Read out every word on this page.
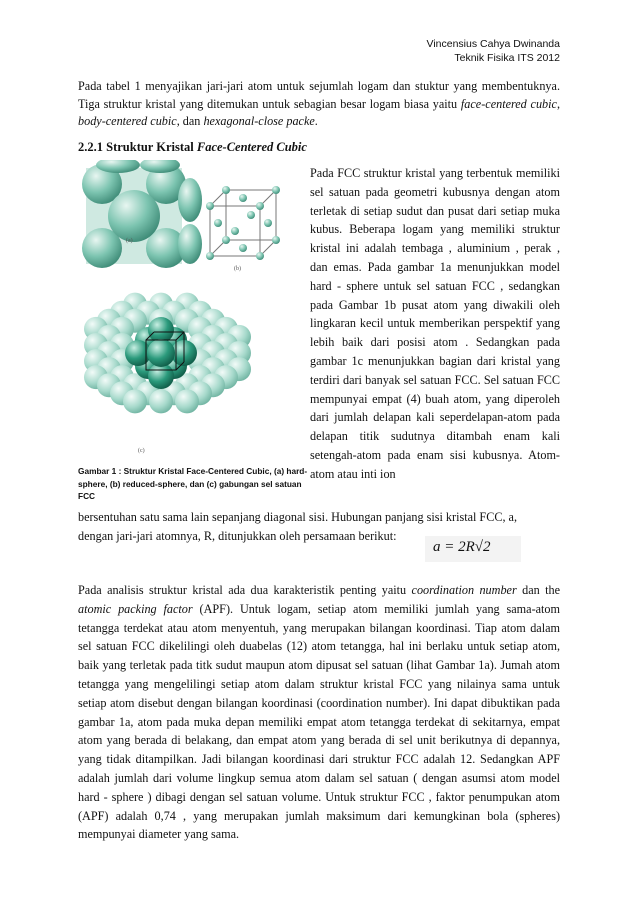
Vincensius Cahya Dwinanda
Teknik Fisika ITS 2012

Pada tabel 1 menyajikan jari-jari atom untuk sejumlah logam dan stuktur yang membentuknya. Tiga struktur kristal yang ditemukan untuk sebagian besar logam biasa yaitu face-centered cubic, body-centered cubic, dan hexagonal-close packe.

2.2.1 Struktur Kristal Face-Centered Cubic

(a)
(b)
(c)

Gambar 1 : Struktur Kristal Face-Centered Cubic, (a) hard-sphere, (b) reduced-sphere, dan (c) gabungan sel satuan FCC

Pada FCC struktur kristal yang terbentuk memiliki sel satuan pada geometri kubusnya dengan atom terletak di setiap sudut dan pusat dari setiap muka kubus. Beberapa logam yang memiliki struktur kristal ini adalah tembaga , aluminium , perak , dan emas. Pada gambar 1a menunjukkan model hard - sphere untuk sel satuan FCC , sedangkan pada Gambar 1b pusat atom yang diwakili oleh lingkaran kecil untuk memberikan perspektif yang lebih baik dari posisi atom . Sedangkan pada gambar 1c menunjukkan bagian dari kristal yang terdiri dari banyak sel satuan FCC. Sel satuan FCC mempunyai empat (4) buah atom, yang diperoleh dari jumlah delapan kali seperdelapan-atom pada delapan titik sudutnya ditambah enam kali setengah-atom pada enam sisi kubusnya. Atom-atom atau inti ion

bersentuhan satu sama lain sepanjang diagonal sisi. Hubungan panjang sisi kristal FCC, a,
dengan jari-jari atomnya, R, ditunjukkan oleh persamaan berikut:

a = 2R√2

Pada analisis struktur kristal ada dua karakteristik penting yaitu coordination number dan the atomic packing factor (APF). Untuk logam, setiap atom memiliki jumlah yang sama-atom tetangga terdekat atau atom menyentuh, yang merupakan bilangan koordinasi. Tiap atom dalam sel satuan FCC dikelilingi oleh duabelas (12) atom tetangga, hal ini berlaku untuk setiap atom, baik yang terletak pada titk sudut maupun atom dipusat sel satuan (lihat Gambar 1a). Jumah atom tetangga yang mengelilingi setiap atom dalam struktur kristal FCC yang nilainya sama untuk setiap atom disebut dengan bilangan koordinasi (coordination number). Ini dapat dibuktikan pada gambar 1a, atom pada muka depan memiliki empat atom tetangga terdekat di sekitarnya, empat atom yang berada di belakang, dan empat atom yang berada di sel unit berikutnya di depannya, yang tidak ditampilkan. Jadi bilangan koordinasi dari struktur FCC adalah 12. Sedangkan APF adalah jumlah dari volume lingkup semua atom dalam sel satuan ( dengan asumsi atom model hard - sphere ) dibagi dengan sel satuan volume. Untuk struktur FCC , faktor penumpukan atom (APF) adalah 0,74 , yang merupakan jumlah maksimum dari kemungkinan bola (spheres) mempunyai diameter yang sama.
